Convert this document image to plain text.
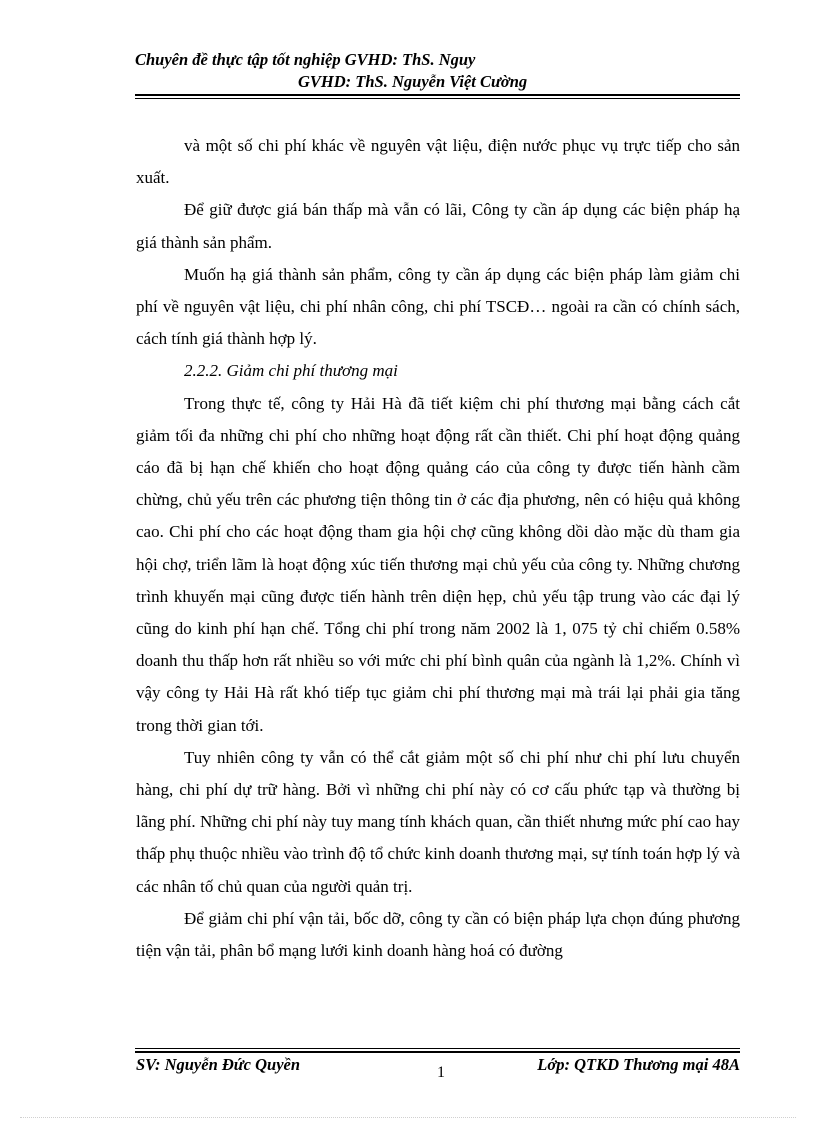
Chuyên đề thực tập tốt nghiệp GVHD: ThS. Nguy
GVHD: ThS. Nguyễn Việt Cường

và một số chi phí khác về nguyên vật liệu, điện nước phục vụ trực tiếp cho sản xuất.

Để giữ được giá bán thấp mà vẫn có lãi, Công ty cần áp dụng các biện pháp hạ giá thành sản phẩm.

Muốn hạ giá thành sản phẩm, công ty cần áp dụng các biện pháp làm giảm chi phí về nguyên vật liệu, chi phí nhân công, chi phí TSCĐ… ngoài ra cần có chính sách, cách tính giá thành hợp lý.

2.2.2. Giảm chi phí thương mại

Trong thực tế, công ty Hải Hà đã tiết kiệm chi phí thương mại bằng cách cắt giảm tối đa những chi phí cho những hoạt động rất cần thiết. Chi phí hoạt động quảng cáo đã bị hạn chế khiến cho hoạt động quảng cáo của công ty được tiến hành cầm chừng, chủ yếu trên các phương tiện thông tin ở các địa phương, nên có hiệu quả không cao. Chi phí cho các hoạt động tham gia hội chợ cũng không dồi dào mặc dù tham gia hội chợ, triển lãm là hoạt động xúc tiến thương mại chủ yếu của công ty. Những chương trình khuyến mại cũng được tiến hành trên diện hẹp, chủ yếu tập trung vào các đại lý cũng do kinh phí hạn chế. Tổng chi phí trong năm 2002 là 1, 075 tỷ chỉ chiếm 0.58% doanh thu thấp hơn rất nhiều so với mức chi phí bình quân của ngành là 1,2%. Chính vì vậy công ty Hải Hà rất khó tiếp tục giảm chi phí thương mại mà trái lại phải gia tăng trong thời gian tới.

Tuy nhiên công ty vẫn có thể cắt giảm một số chi phí như chi phí lưu chuyển hàng, chi phí dự trữ hàng. Bởi vì những chi phí này có cơ cấu phức tạp và thường bị lãng phí. Những chi phí này tuy mang tính khách quan, cần thiết nhưng mức phí cao hay thấp phụ thuộc nhiều vào trình độ tổ chức kinh doanh thương mại, sự tính toán hợp lý và các nhân tố chủ quan của người quản trị.

Để giảm chi phí vận tải, bốc dỡ, công ty cần có biện pháp lựa chọn đúng phương tiện vận tải, phân bổ mạng lưới kinh doanh hàng hoá có đường

SV: Nguyễn Đức Quyền	1	Lớp: QTKD Thương mại 48A
